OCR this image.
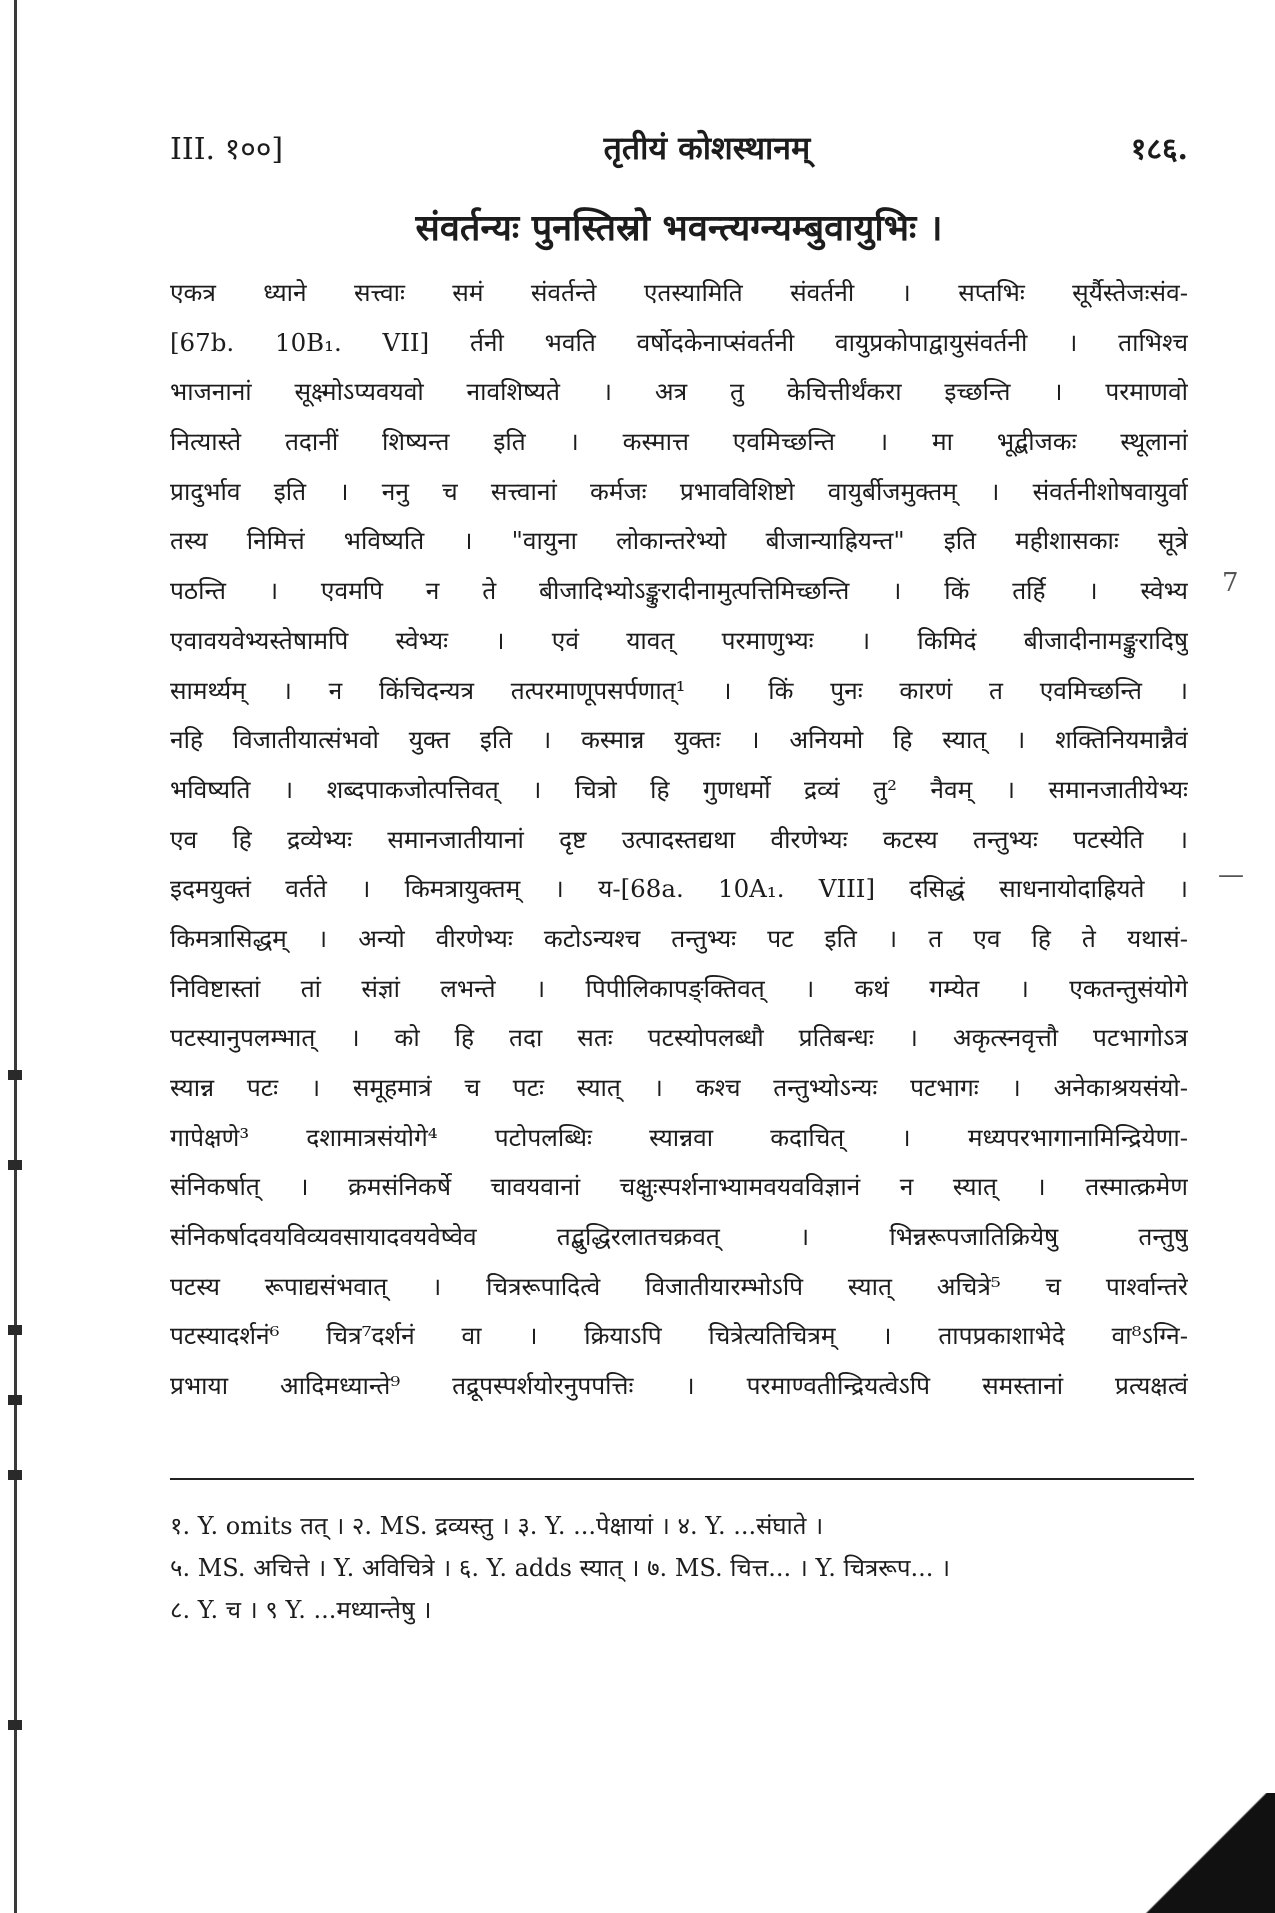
III. १००]	तृतीयं कोशस्थानम्	१८६.
संवर्तन्यः पुनस्तिस्रो भवन्त्यग्न्यम्बुवायुभिः ।
एकत्र ध्याने सत्त्वाः समं संवर्तन्ते एतस्यामिति संवर्तनी । सप्तभिः सूर्यैस्तेजःसंव-
[67b. 10B₁. VII] र्तनी भवति वर्षोदकेनाप्संवर्तनी वायुप्रकोपाद्वायुसंवर्तनी । ताभिश्च
भाजनानां सूक्ष्मोऽप्यवयवो नावशिष्यते । अत्र तु केचित्तीर्थंकरा इच्छन्ति । परमाणवो
नित्यास्ते तदानीं शिष्यन्त इति । कस्मात्त एवमिच्छन्ति । मा भूद्बीजकः स्थूलानां
प्रादुर्भाव इति । ननु च सत्त्वानां कर्मजः प्रभावविशिष्टो वायुर्बीजमुक्तम् । संवर्तनीशोषवायुर्वा
तस्य निमित्तं भविष्यति । "वायुना लोकान्तरेभ्यो बीजान्याह्रियन्त" इति महीशासकाः सूत्रे
पठन्ति । एवमपि न ते बीजादिभ्योऽङ्कुरादीनामुत्पत्तिमिच्छन्ति । किं तर्हि । स्वेभ्य
एवावयवेभ्यस्तेषामपि स्वेभ्यः । एवं यावत् परमाणुभ्यः । किमिदं बीजादीनामङ्कुरादिषु
सामर्थ्यम् । न किंचिदन्यत्र तत्परमाणूपसर्पणात्¹ । किं पुनः कारणं त एवमिच्छन्ति ।
नहि विजातीयात्संभवो युक्त इति । कस्मान्न युक्तः । अनियमो हि स्यात् । शक्तिनियमान्नैवं
भविष्यति । शब्दपाकजोत्पत्तिवत् । चित्रो हि गुणधर्मो द्रव्यं तु² नैवम् । समानजातीयेभ्यः
एव हि द्रव्येभ्यः समानजातीयानां दृष्ट उत्पादस्तद्यथा वीरणेभ्यः कटस्य तन्तुभ्यः पटस्येति ।
इदमयुक्तं वर्तते । किमत्रायुक्तम् । य-[68a. 10A₁. VIII] दसिद्धं साधनायोदाह्रियते ।
किमत्रासिद्धम् । अन्यो वीरणेभ्यः कटोऽन्यश्च तन्तुभ्यः पट इति । त एव हि ते यथासं-
निविष्टास्तां तां संज्ञां लभन्ते । पिपीलिकापङ्क्तिवत् । कथं गम्येत । एकतन्तुसंयोगे
पटस्यानुपलम्भात् । को हि तदा सतः पटस्योपलब्धौ प्रतिबन्धः । अकृत्स्नवृत्तौ पटभागोऽत्र
स्यान्न पटः । समूहमात्रं च पटः स्यात् । कश्च तन्तुभ्योऽन्यः पटभागः । अनेकाश्रयसंयो-
गापेक्षणे³ दशामात्रसंयोगे⁴ पटोपलब्धिः स्यान्नवा कदाचित् । मध्यपरभागानामिन्द्रियेणा-
संनिकर्षात् । क्रमसंनिकर्षे चावयवानां चक्षुःस्पर्शनाभ्यामवयवविज्ञानं न स्यात् । तस्मात्क्रमेण
संनिकर्षादवयविव्यवसायादवयवेष्वेव तद्बुद्धिरलातचक्रवत् । भिन्नरूपजातिक्रियेषु तन्तुषु
पटस्य रूपाद्यसंभवात् । चित्ररूपादित्वे विजातीयारम्भोऽपि स्यात् अचित्रे⁵ च पार्श्वान्तरे
पटस्यादर्शनं⁶ चित्र⁷दर्शनं वा । क्रियाऽपि चित्रेत्यतिचित्रम् । तापप्रकाशाभेदे वा⁸ऽग्नि-
प्रभाया आदिमध्यान्ते⁹ तद्रूपस्पर्शयोरनुपपत्तिः । परमाण्वतीन्द्रियत्वेऽपि समस्तानां प्रत्यक्षत्वं
7
—
१. Y. omits तत् । २. MS. द्रव्यस्तु । ३. Y. ...पेक्षायां । ४. Y. ...संघाते ।
५. MS. अचित्ते । Y. अविचित्रे । ६. Y. adds स्यात् । ७. MS. चित्त... । Y. चित्ररूप... ।
८. Y. च । ९ Y. ...मध्यान्तेषु ।
